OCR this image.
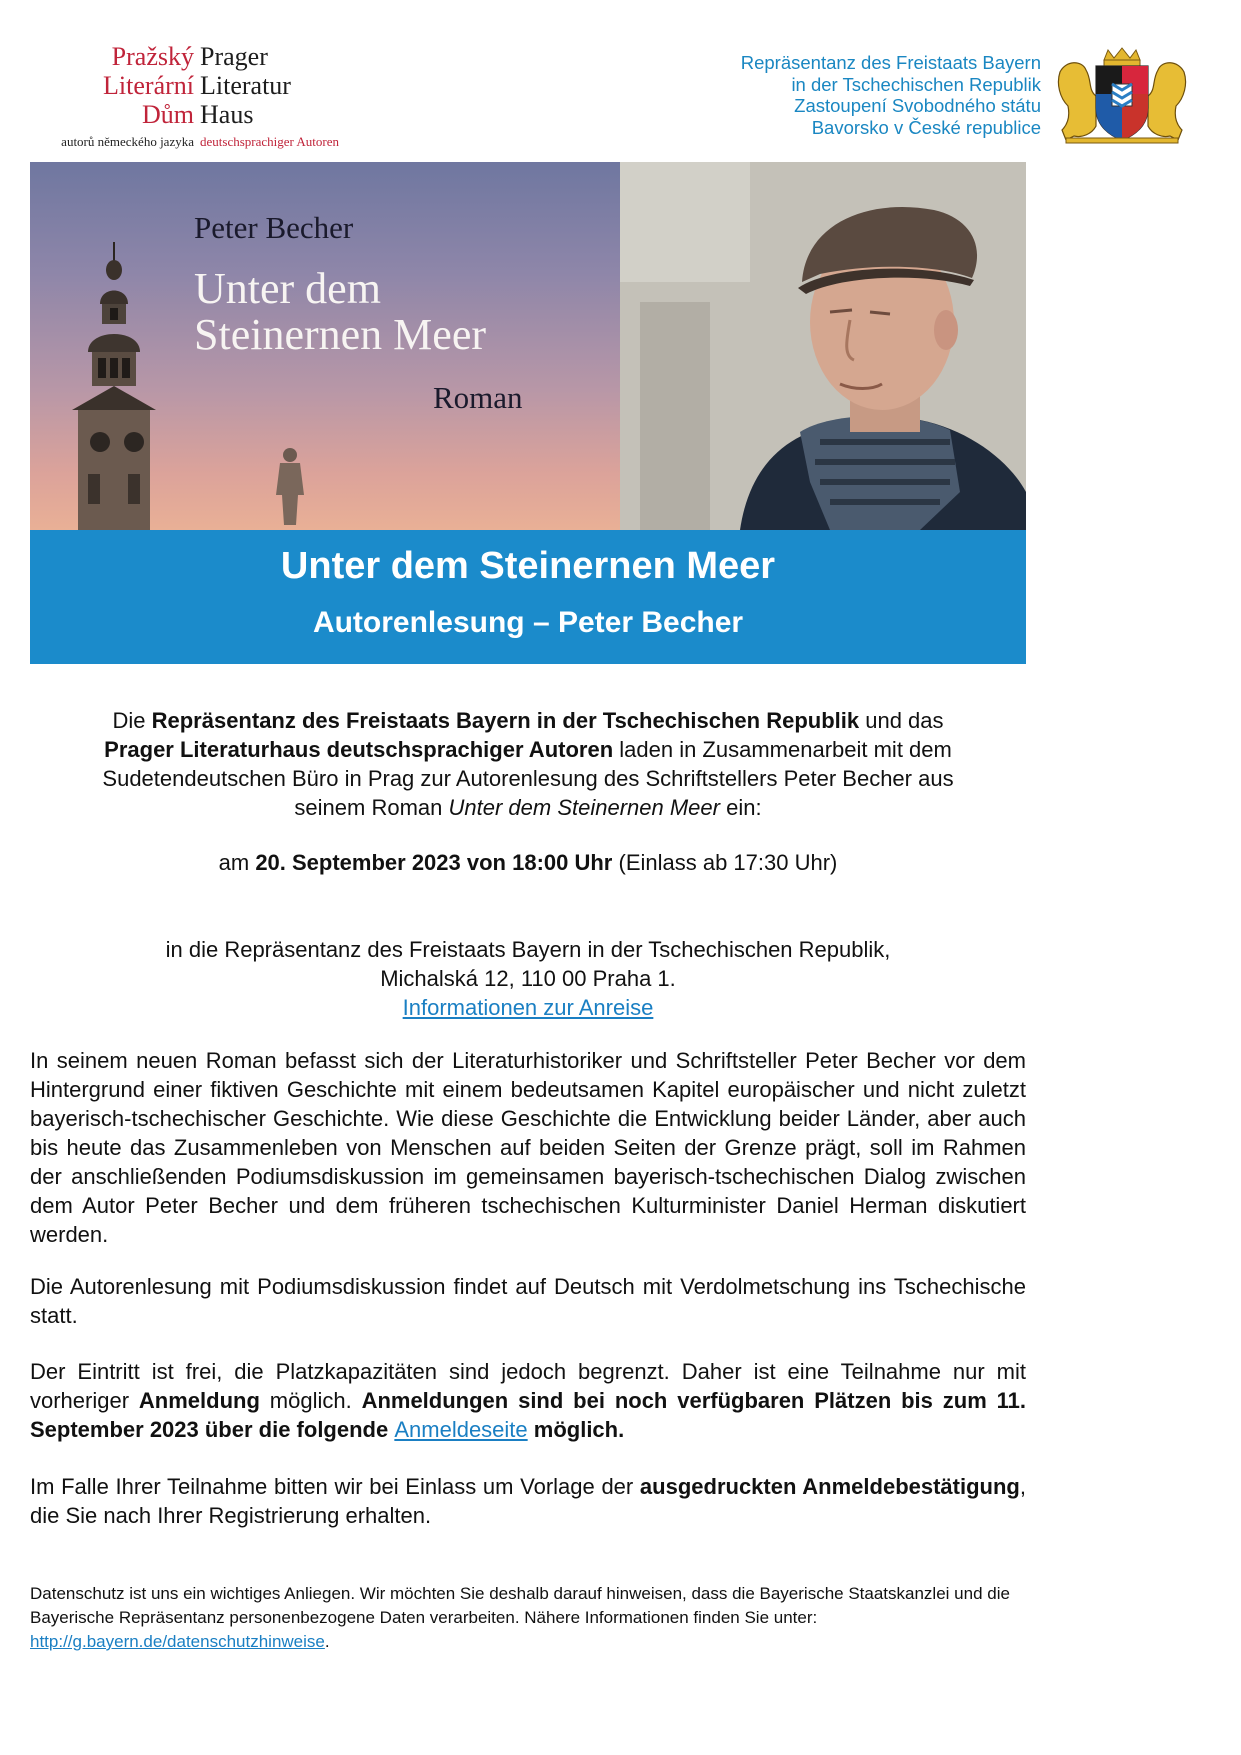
Pražský Prager
Literární Literatur
Dům Haus
autorů německého jazyka deutschsprachiger Autoren
Repräsentanz des Freistaats Bayern
in der Tschechischen Republik
Zastoupení Svobodného státu
Bavorsko v České republice
Peter Becher
Unter dem
Steinernen Meer
Roman
Unter dem Steinernen Meer
Autorenlesung – Peter Becher
Die Repräsentanz des Freistaats Bayern in der Tschechischen Republik und das
Prager Literaturhaus deutschsprachiger Autoren laden in Zusammenarbeit mit dem
Sudetendeutschen Büro in Prag zur Autorenlesung des Schriftstellers Peter Becher aus
seinem Roman Unter dem Steinernen Meer ein:
am 20. September 2023 von 18:00 Uhr (Einlass ab 17:30 Uhr)
in die Repräsentanz des Freistaats Bayern in der Tschechischen Republik,
Michalská 12, 110 00 Praha 1.
Informationen zur Anreise
In seinem neuen Roman befasst sich der Literaturhistoriker und Schriftsteller Peter Becher vor dem Hintergrund einer fiktiven Geschichte mit einem bedeutsamen Kapitel europäischer und nicht zuletzt bayerisch-tschechischer Geschichte. Wie diese Geschichte die Entwicklung beider Länder, aber auch bis heute das Zusammenleben von Menschen auf beiden Seiten der Grenze prägt, soll im Rahmen der anschließenden Podiumsdiskussion im gemeinsamen bayerisch-tschechischen Dialog zwischen dem Autor Peter Becher und dem früheren tschechischen Kulturminister Daniel Herman diskutiert werden.
Die Autorenlesung mit Podiumsdiskussion findet auf Deutsch mit Verdolmetschung ins Tschechische statt.
Der Eintritt ist frei, die Platzkapazitäten sind jedoch begrenzt. Daher ist eine Teilnahme nur mit vorheriger Anmeldung möglich. Anmeldungen sind bei noch verfügbaren Plätzen bis zum 11. September 2023 über die folgende Anmeldeseite möglich.
Im Falle Ihrer Teilnahme bitten wir bei Einlass um Vorlage der ausgedruckten Anmeldebestätigung, die Sie nach Ihrer Registrierung erhalten.
Datenschutz ist uns ein wichtiges Anliegen. Wir möchten Sie deshalb darauf hinweisen, dass die Bayerische Staatskanzlei und die Bayerische Repräsentanz personenbezogene Daten verarbeiten. Nähere Informationen finden Sie unter: http://g.bayern.de/datenschutzhinweise.
